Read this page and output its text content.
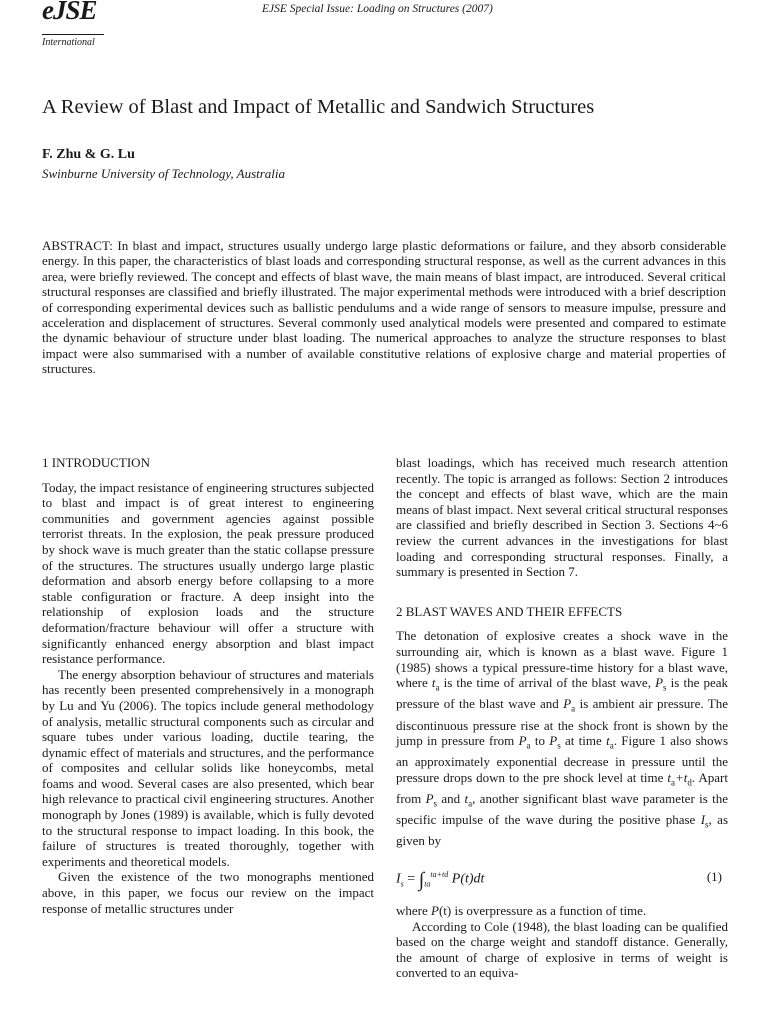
eJSE
International
EJSE Special Issue: Loading on Structures (2007)
A Review of Blast and Impact of Metallic and Sandwich Structures
F. Zhu & G. Lu
Swinburne University of Technology, Australia

ABSTRACT: In blast and impact, structures usually undergo large plastic deformations or failure, and they absorb considerable energy. In this paper, the characteristics of blast loads and corresponding structural response, as well as the current advances in this area, were briefly reviewed. The concept and effects of blast wave, the main means of blast impact, are introduced. Several critical structural responses are classified and briefly illustrated. The major experimental methods were introduced with a brief description of corresponding experimental devices such as ballistic pendulums and a wide range of sensors to measure impulse, pressure and acceleration and displacement of structures. Several commonly used analytical models were presented and compared to estimate the dynamic behaviour of structure under blast loading. The numerical approaches to analyze the structure responses to blast impact were also summarised with a number of available constitutive relations of explosive charge and material properties of structures.

1 INTRODUCTION

Today, the impact resistance of engineering structures subjected to blast and impact is of great interest to engineering communities and government agencies against possible terrorist threats. In the explosion, the peak pressure produced by shock wave is much greater than the static collapse pressure of the structures. The structures usually undergo large plastic deformation and absorb energy before collapsing to a more stable configuration or fracture. A deep insight into the relationship of explosion loads and the structure deformation/fracture behaviour will offer a structure with significantly enhanced energy absorption and blast impact resistance performance.

The energy absorption behaviour of structures and materials has recently been presented comprehensively in a monograph by Lu and Yu (2006). The topics include general methodology of analysis, metallic structural components such as circular and square tubes under various loading, ductile tearing, the dynamic effect of materials and structures, and the performance of composites and cellular solids like honeycombs, metal foams and wood. Several cases are also presented, which bear high relevance to practical civil engineering structures. Another monograph by Jones (1989) is available, which is fully devoted to the structural response to impact loading. In this book, the failure of structures is treated thoroughly, together with experiments and theoretical models.

Given the existence of the two monographs mentioned above, in this paper, we focus our review on the impact response of metallic structures under

blast loadings, which has received much research attention recently. The topic is arranged as follows: Section 2 introduces the concept and effects of blast wave, which are the main means of blast impact. Next several critical structural responses are classified and briefly described in Section 3. Sections 4~6 review the current advances in the investigations for blast loading and corresponding structural responses. Finally, a summary is presented in Section 7.

2 BLAST WAVES AND THEIR EFFECTS

The detonation of explosive creates a shock wave in the surrounding air, which is known as a blast wave. Figure 1 (1985) shows a typical pressure-time history for a blast wave, where $t_a$ is the time of arrival of the blast wave, $P_s$ is the peak pressure of the blast wave and $P_a$ is ambient air pressure. The discontinuous pressure rise at the shock front is shown by the jump in pressure from $P_a$ to $P_s$ at time $t_a$. Figure 1 also shows an approximately exponential decrease in pressure until the pressure drops down to the pre shock level at time $t_a+t_d$. Apart from $P_s$ and $t_a$, another significant blast wave parameter is the specific impulse of the wave during the positive phase $I_s$, as given by

$I_s = \int_{ta}^{ta+td}$ P(t)dt	(1)

where P(t) is overpressure as a function of time.

According to Cole (1948), the blast loading can be qualified based on the charge weight and standoff distance. Generally, the amount of charge of explosive in terms of weight is converted to an equiva-
